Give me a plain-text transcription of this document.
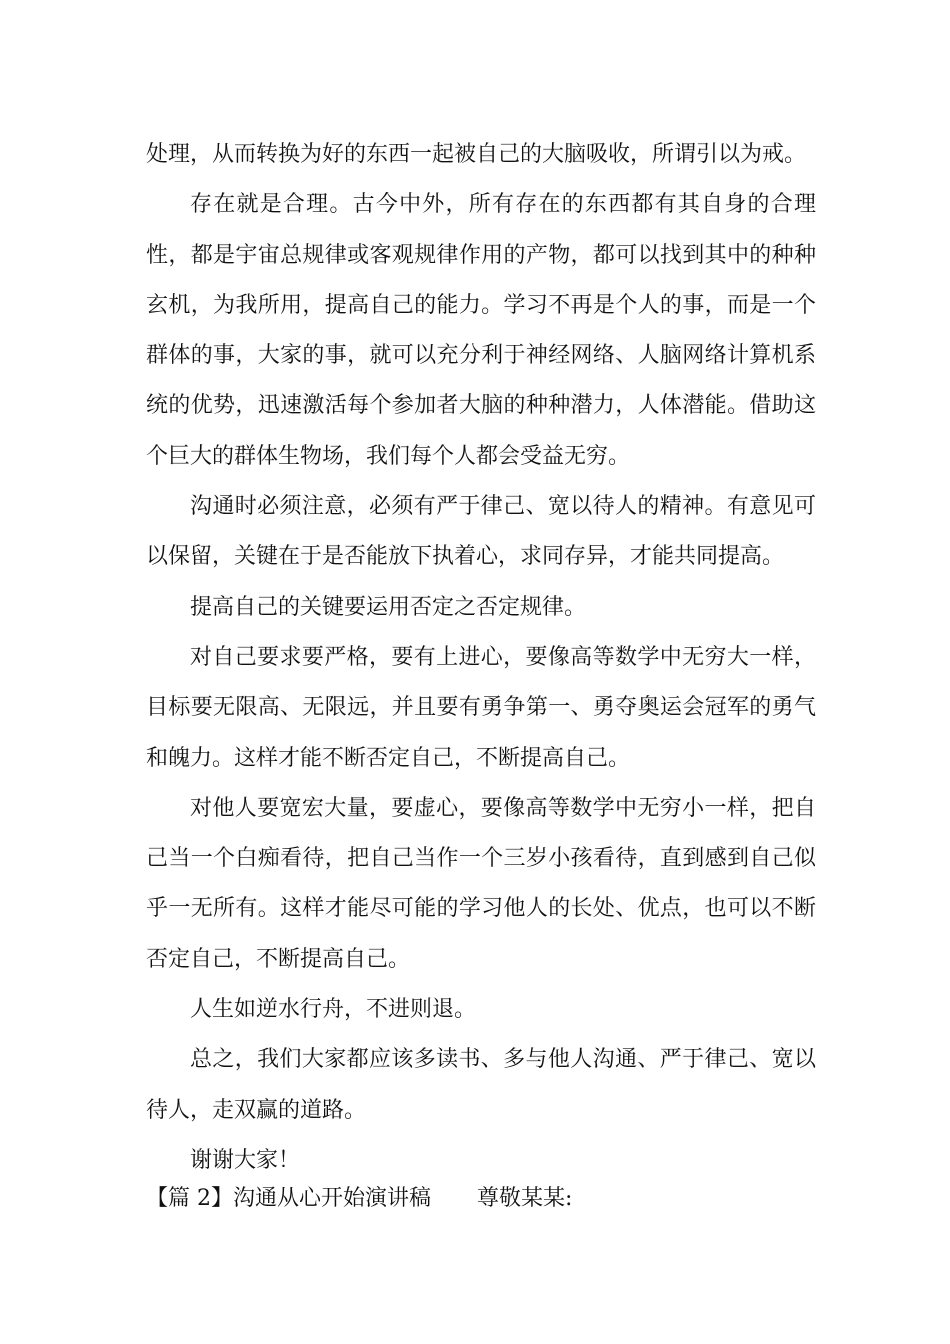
处理，从而转换为好的东西一起被自己的大脑吸收，所谓引以为戒。

存在就是合理。古今中外，所有存在的东西都有其自身的合理性，都是宇宙总规律或客观规律作用的产物，都可以找到其中的种种玄机，为我所用，提高自己的能力。学习不再是个人的事，而是一个群体的事，大家的事，就可以充分利于神经网络、人脑网络计算机系统的优势，迅速激活每个参加者大脑的种种潜力，人体潜能。借助这个巨大的群体生物场，我们每个人都会受益无穷。

沟通时必须注意，必须有严于律己、宽以待人的精神。有意见可以保留，关键在于是否能放下执着心，求同存异，才能共同提高。

提高自己的关键要运用否定之否定规律。

对自己要求要严格，要有上进心，要像高等数学中无穷大一样，目标要无限高、无限远，并且要有勇争第一、勇夺奥运会冠军的勇气和魄力。这样才能不断否定自己，不断提高自己。

对他人要宽宏大量，要虚心，要像高等数学中无穷小一样，把自己当一个白痴看待，把自己当作一个三岁小孩看待，直到感到自己似乎一无所有。这样才能尽可能的学习他人的长处、优点，也可以不断否定自己，不断提高自己。

人生如逆水行舟，不进则退。

总之，我们大家都应该多读书、多与他人沟通、严于律己、宽以待人，走双赢的道路。

谢谢大家！

【篇 2】沟通从心开始演讲稿 尊敬某某:
